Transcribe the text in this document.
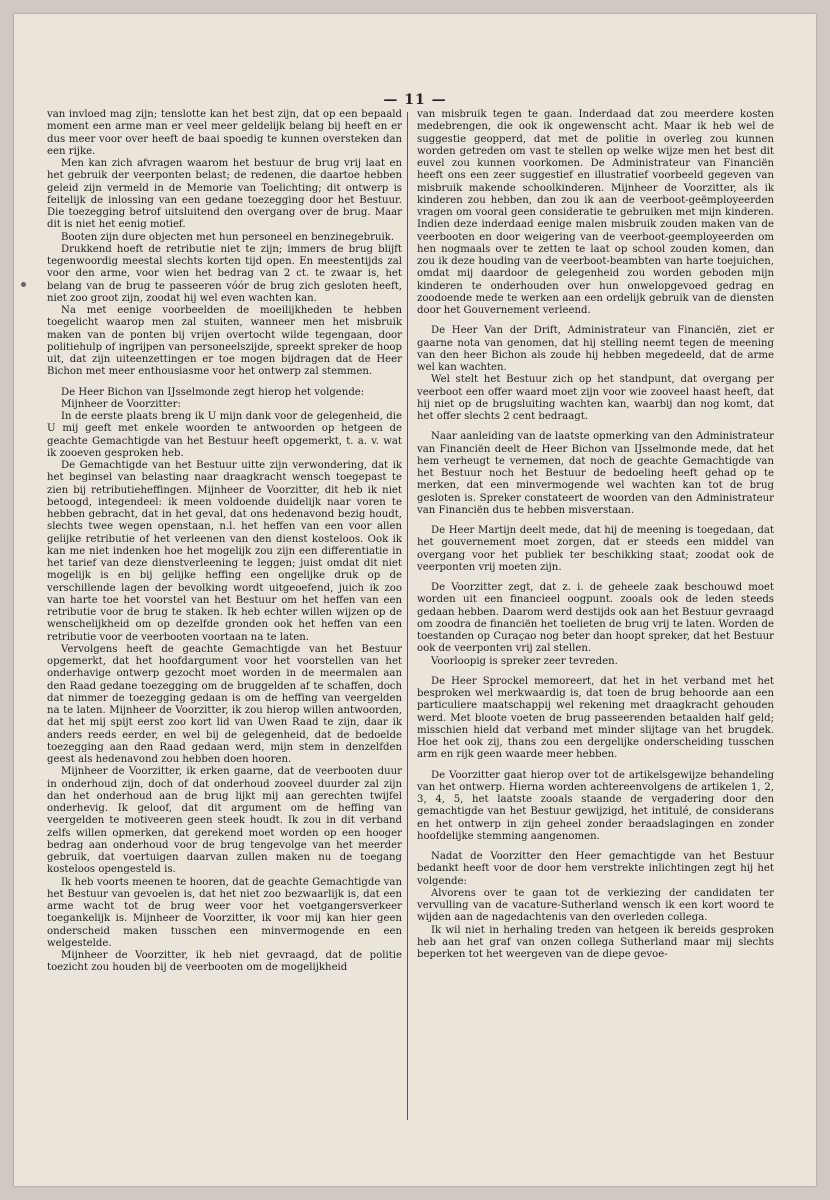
— 11 —

van invloed mag zijn; tenslotte kan het best zijn, dat op een bepaald moment een arme man er veel meer geldelijk belang bij heeft en er dus meer voor over heeft de baai spoedig te kunnen oversteken dan een rijke.

Men kan zich afvragen waarom het bestuur de brug vrij laat en het gebruik der veerponten belast; de redenen, die daartoe hebben geleid zijn vermeld in de Memorie van Toelichting; dit ontwerp is feitelijk de inlossing van een gedane toezegging door het Bestuur. Die toezegging betrof uitsluitend den overgang over de brug. Maar dit is niet het eenig motief.

Booten zijn dure objecten met hun personeel en benzinegebruik.

Drukkend hoeft de retributie niet te zijn; immers de brug blijft tegenwoordig meestal slechts korten tijd open. En meestentijds zal voor den arme, voor wien het bedrag van 2 ct. te zwaar is, het belang van de brug te passeeren vóór de brug zich gesloten heeft, niet zoo groot zijn, zoodat hij wel even wachten kan.

Na met eenige voorbeelden de moeilijkheden te hebben toegelicht waarop men zal stuiten, wanneer men het misbruik maken van de ponten bij vrijen overtocht wilde tegengaan, door politiehulp of ingrijpen van personeelszijde, spreekt spreker de hoop uit, dat zijn uiteenzettingen er toe mogen bijdragen dat de Heer Bichon met meer enthousiasme voor het ontwerp zal stemmen.

De Heer Bichon van IJsselmonde zegt hierop het volgende:

Mijnheer de Voorzitter:

In de eerste plaats breng ik U mijn dank voor de gelegenheid, die U mij geeft met enkele woorden te antwoorden op hetgeen de geachte Gemachtigde van het Bestuur heeft opgemerkt, t. a. v. wat ik zooeven gesproken heb.

De Gemachtigde van het Bestuur uitte zijn verwondering, dat ik het beginsel van belasting naar draagkracht wensch toegepast te zien bij retributieheffingen. Mijnheer de Voorzitter, dit heb ik niet betoogd, integendeel: ik meen voldoende duidelijk naar voren te hebben gebracht, dat in het geval, dat ons hedenavond bezig houdt, slechts twee wegen openstaan, n.l. het heffen van een voor allen gelijke retributie of het verleenen van den dienst kosteloos. Ook ik kan me niet indenken hoe het mogelijk zou zijn een differentiatie in het tarief van deze dienstverleening te leggen; juist omdat dit niet mogelijk is en bij gelijke heffing een ongelijke druk op de verschillende lagen der bevolking wordt uitgeoefend, juich ik zoo van harte toe het voorstel van het Bestuur om het heffen van een retributie voor de brug te staken. Ik heb echter willen wijzen op de wenschelijkheid om op dezelfde gronden ook het heffen van een retributie voor de veerbooten voortaan na te laten.

Vervolgens heeft de geachte Gemachtigde van het Bestuur opgemerkt, dat het hoofdargument voor het voorstellen van het onderhavige ontwerp gezocht moet worden in de meermalen aan den Raad gedane toezegging om de bruggelden af te schaffen, doch dat nimmer de toezegging gedaan is om de heffing van veergelden na te laten. Mijnheer de Voorzitter, ik zou hierop willen antwoorden, dat het mij spijt eerst zoo kort lid van Uwen Raad te zijn, daar ik anders reeds eerder, en wel bij de gelegenheid, dat de bedoelde toezegging aan den Raad gedaan werd, mijn stem in denzelfden geest als hedenavond zou hebben doen hooren.

Mijnheer de Voorzitter, ik erken gaarne, dat de veerbooten duur in onderhoud zijn, doch of dat onderhoud zooveel duurder zal zijn dan het onderhoud aan de brug lijkt mij aan gerechten twijfel onderhevig. Ik geloof, dat dit argument om de heffing van veergelden te motiveeren geen steek houdt. Ik zou in dit verband zelfs willen opmerken, dat gerekend moet worden op een hooger bedrag aan onderhoud voor de brug tengevolge van het meerder gebruik, dat voertuigen daarvan zullen maken nu de toegang kosteloos opengesteld is.

Ik heb voorts meenen te hooren, dat de geachte Gemachtigde van het Bestuur van gevoelen is, dat het niet zoo bezwaarlijk is, dat een arme wacht tot de brug weer voor het voetgangersverkeer toegankelijk is. Mijnheer de Voorzitter, ik voor mij kan hier geen onderscheid maken tusschen een minvermogende en een welgestelde.

Mijnheer de Voorzitter, ik heb niet gevraagd, dat de politie toezicht zou houden bij de veerbooten om de mogelijkheid

van misbruik tegen te gaan. Inderdaad dat zou meerdere kosten medebrengen, die ook ik ongewenscht acht. Maar ik heb wel de suggestie geopperd, dat met de politie in overleg zou kunnen worden getreden om vast te stellen op welke wijze men het best dit euvel zou kunnen voorkomen. De Administrateur van Financiën heeft ons een zeer suggestief en illustratief voorbeeld gegeven van misbruik makende schoolkinderen. Mijnheer de Voorzitter, als ik kinderen zou hebben, dan zou ik aan de veerboot-geëmployeerden vragen om vooral geen consideratie te gebruiken met mijn kinderen. Indien deze inderdaad eenige malen misbruik zouden maken van de veerbooten en door weigering van de veerboot-geemployeerden om hen nogmaals over te zetten te laat op school zouden komen, dan zou ik deze houding van de veerboot-beambten van harte toejuichen, omdat mij daardoor de gelegenheid zou worden geboden mijn kinderen te onderhouden over hun onwelopgevoed gedrag en zoodoende mede te werken aan een ordelijk gebruik van de diensten door het Gouvernement verleend.

De Heer Van der Drift, Administrateur van Financiën, ziet er gaarne nota van genomen, dat hij stelling neemt tegen de meening van den heer Bichon als zoude hij hebben megedeeld, dat de arme wel kan wachten.

Wel stelt het Bestuur zich op het standpunt, dat overgang per veerboot een offer waard moet zijn voor wie zooveel haast heeft, dat hij niet op de brugsluiting wachten kan, waarbij dan nog komt, dat het offer slechts 2 cent bedraagt.

Naar aanleiding van de laatste opmerking van den Administrateur van Financiën deelt de Heer Bichon van IJsselmonde mede, dat het hem verheugt te vernemen, dat noch de geachte Gemachtigde van het Bestuur noch het Bestuur de bedoeling heeft gehad op te merken, dat een minvermogende wel wachten kan tot de brug gesloten is. Spreker constateert de woorden van den Administrateur van Financiën dus te hebben misverstaan.

De Heer Martijn deelt mede, dat hij de meening is toegedaan, dat het gouvernement moet zorgen, dat er steeds een middel van overgang voor het publiek ter beschikking staat; zoodat ook de veerponten vrij moeten zijn.

De Voorzitter zegt, dat z. i. de geheele zaak beschouwd moet worden uit een financieel oogpunt. zooals ook de leden steeds gedaan hebben. Daarom werd destijds ook aan het Bestuur gevraagd om zoodra de financiën het toelieten de brug vrij te laten. Worden de toestanden op Curaçao nog beter dan hoopt spreker, dat het Bestuur ook de veerponten vrij zal stellen.

Voorloopig is spreker zeer tevreden.

De Heer Sprockel memoreert, dat het in het verband met het besproken wel merkwaardig is, dat toen de brug behoorde aan een particuliere maatschappij wel rekening met draagkracht gehouden werd. Met bloote voeten de brug passeerenden betaalden half geld; misschien hield dat verband met minder slijtage van het brugdek. Hoe het ook zij, thans zou een dergelijke onderscheiding tusschen arm en rijk geen waarde meer hebben.

De Voorzitter gaat hierop over tot de artikelsgewijze behandeling van het ontwerp. Hierna worden achtereenvolgens de artikelen 1, 2, 3, 4, 5, het laatste zooals staande de vergadering door den gemachtigde van het Bestuur gewijzigd, het intitulé, de considerans en het ontwerp in zijn geheel zonder beraadslagingen en zonder hoofdelijke stemming aangenomen.

Nadat de Voorzitter den Heer gemachtigde van het Bestuur bedankt heeft voor de door hem verstrekte inlichtingen zegt hij het volgende:

Alvorens over te gaan tot de verkiezing der candidaten ter vervulling van de vacature-Sutherland wensch ik een kort woord te wijden aan de nagedachtenis van den overleden collega.

Ik wil niet in herhaling treden van hetgeen ik bereids gesproken heb aan het graf van onzen collega Sutherland maar mij slechts beperken tot het weergeven van de diepe gevoe-
